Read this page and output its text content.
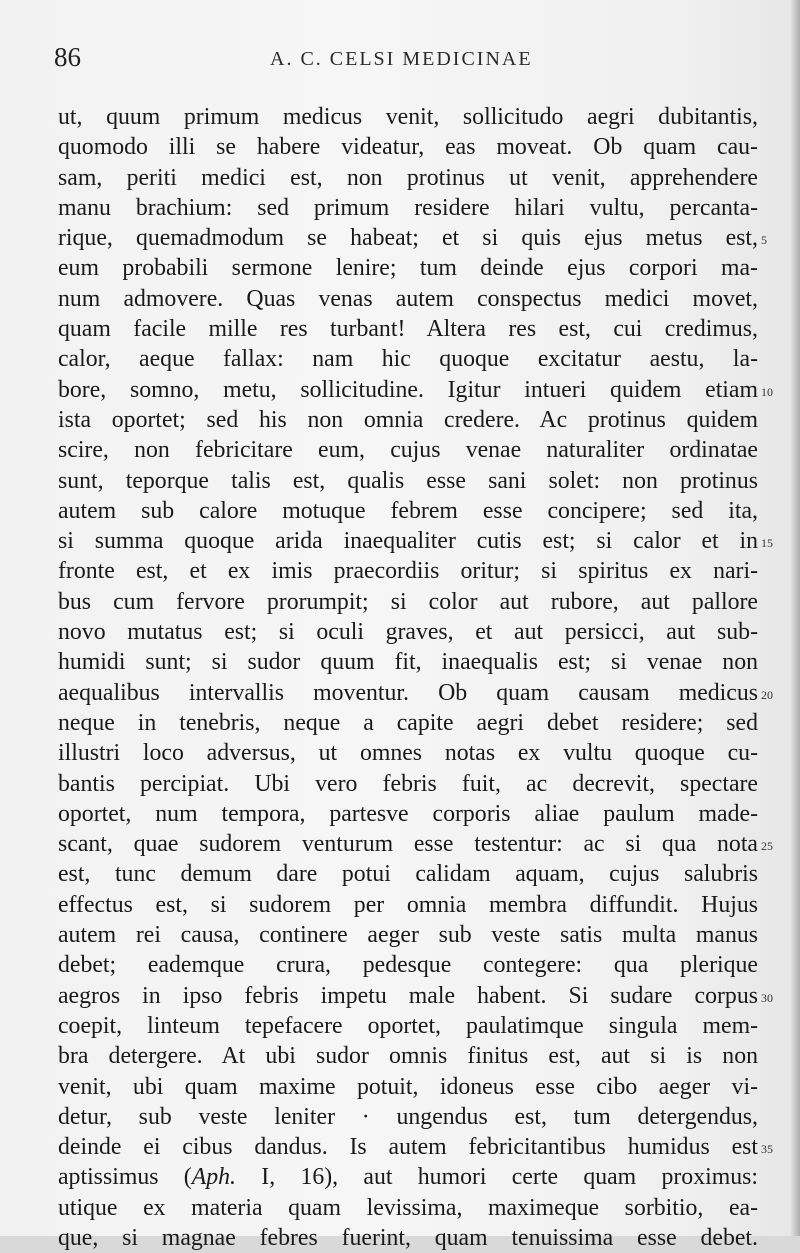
86	A. C. CELSI MEDICINAE
ut, quum primum medicus venit, sollicitudo aegri dubitantis,
quomodo illi se habere videatur, eas moveat. Ob quam cau-
sam, periti medici est, non protinus ut venit, apprehendere
manu brachium: sed primum residere hilari vultu, percanta-
rique, quemadmodum se habeat; et si quis ejus metus est, 5
eum probabili sermone lenire; tum deinde ejus corpori ma-
num admovere. Quas venas autem conspectus medici movet,
quam facile mille res turbant! Altera res est, cui credimus,
calor, aeque fallax: nam hic quoque excitatur aestu, la-
bore, somno, metu, sollicitudine. Igitur intueri quidem etiam 10
ista oportet; sed his non omnia credere. Ac protinus quidem
scire, non febricitare eum, cujus venae naturaliter ordinatae
sunt, teporque talis est, qualis esse sani solet: non protinus
autem sub calore motuque febrem esse concipere; sed ita,
si summa quoque arida inaequaliter cutis est; si calor et in 15
fronte est, et ex imis praecordiis oritur; si spiritus ex nari-
bus cum fervore prorumpit; si color aut rubore, aut pallore
novo mutatus est; si oculi graves, et aut persicci, aut sub-
humidi sunt; si sudor quum fit, inaequalis est; si venae non
aequalibus intervallis moventur. Ob quam causam medicus 20
neque in tenebris, neque a capite aegri debet residere; sed
illustri loco adversus, ut omnes notas ex vultu quoque cu-
bantis percipiat. Ubi vero febris fuit, ac decrevit, spectare
oportet, num tempora, partesve corporis aliae paulum made-
scant, quae sudorem venturum esse testentur: ac si qua nota 25
est, tunc demum dare potui calidam aquam, cujus salubris
effectus est, si sudorem per omnia membra diffundit. Hujus
autem rei causa, continere aeger sub veste satis multa manus
debet; eademque crura, pedesque contegere: qua plerique
aegros in ipso febris impetu male habent. Si sudare corpus 30
coepit, linteum tepefacere oportet, paulatimque singula mem-
bra detergere. At ubi sudor omnis finitus est, aut si is non
venit, ubi quam maxime potuit, idoneus esse cibo aeger vi-
detur, sub veste leniter · ungendus est, tum detergendus,
deinde ei cibus dandus. Is autem febricitantibus humidus est 35
aptissimus (Aph. I, 16), aut humori certe quam proximus:
utique ex materia quam levissima, maximeque sorbitio, ea-
que, si magnae febres fuerint, quam tenuissima esse debet.
